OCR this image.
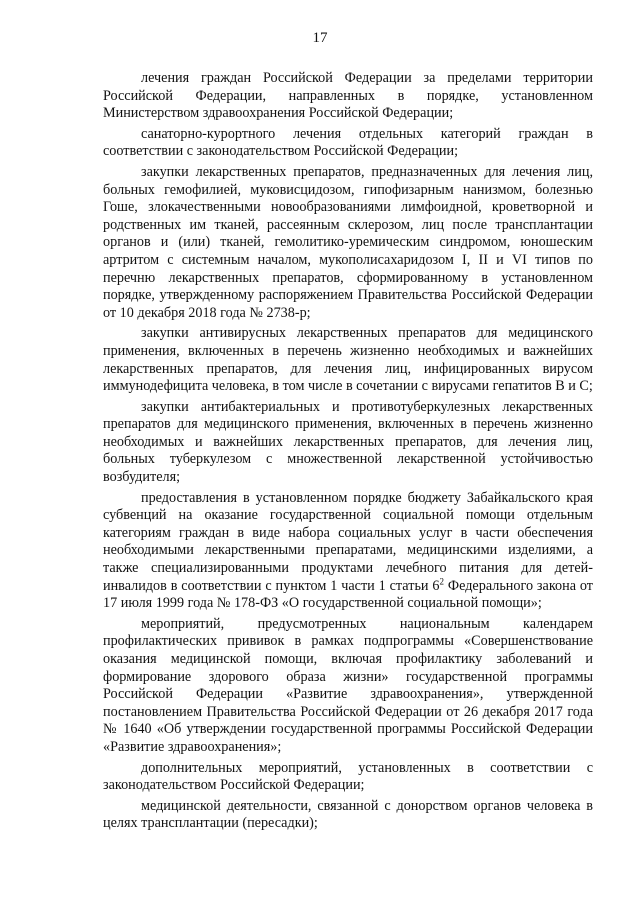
17

лечения граждан Российской Федерации за пределами территории Российской Федерации, направленных в порядке, установленном Министерством здравоохранения Российской Федерации;

санаторно-курортного лечения отдельных категорий граждан в соответствии с законодательством Российской Федерации;

закупки лекарственных препаратов, предназначенных для лечения лиц, больных гемофилией, муковисцидозом, гипофизарным нанизмом, болезнью Гоше, злокачественными новообразованиями лимфоидной, кроветворной и родственных им тканей, рассеянным склерозом, лиц после трансплантации органов и (или) тканей, гемолитико-уремическим синдромом, юношеским артритом с системным началом, мукополисахаридозом I, II и VI типов по перечню лекарственных препаратов, сформированному в установленном порядке, утвержденному распоряжением Правительства Российской Федерации от 10 декабря 2018 года № 2738-р;

закупки антивирусных лекарственных препаратов для медицинского применения, включенных в перечень жизненно необходимых и важнейших лекарственных препаратов, для лечения лиц, инфицированных вирусом иммунодефицита человека, в том числе в сочетании с вирусами гепатитов B и C;

закупки антибактериальных и противотуберкулезных лекарственных препаратов для медицинского применения, включенных в перечень жизненно необходимых и важнейших лекарственных препаратов, для лечения лиц, больных туберкулезом с множественной лекарственной устойчивостью возбудителя;

предоставления в установленном порядке бюджету Забайкальского края субвенций на оказание государственной социальной помощи отдельным категориям граждан в виде набора социальных услуг в части обеспечения необходимыми лекарственными препаратами, медицинскими изделиями, а также специализированными продуктами лечебного питания для детей-инвалидов в соответствии с пунктом 1 части 1 статьи $6^2$ Федерального закона от 17 июля 1999 года № 178-ФЗ «О государственной социальной помощи»;

мероприятий, предусмотренных национальным календарем профилактических прививок в рамках подпрограммы «Совершенствование оказания медицинской помощи, включая профилактику заболеваний и формирование здорового образа жизни» государственной программы Российской Федерации «Развитие здравоохранения», утвержденной постановлением Правительства Российской Федерации от 26 декабря 2017 года № 1640 «Об утверждении государственной программы Российской Федерации «Развитие здравоохранения»;

дополнительных мероприятий, установленных в соответствии с законодательством Российской Федерации;

медицинской деятельности, связанной с донорством органов человека в целях трансплантации (пересадки);
